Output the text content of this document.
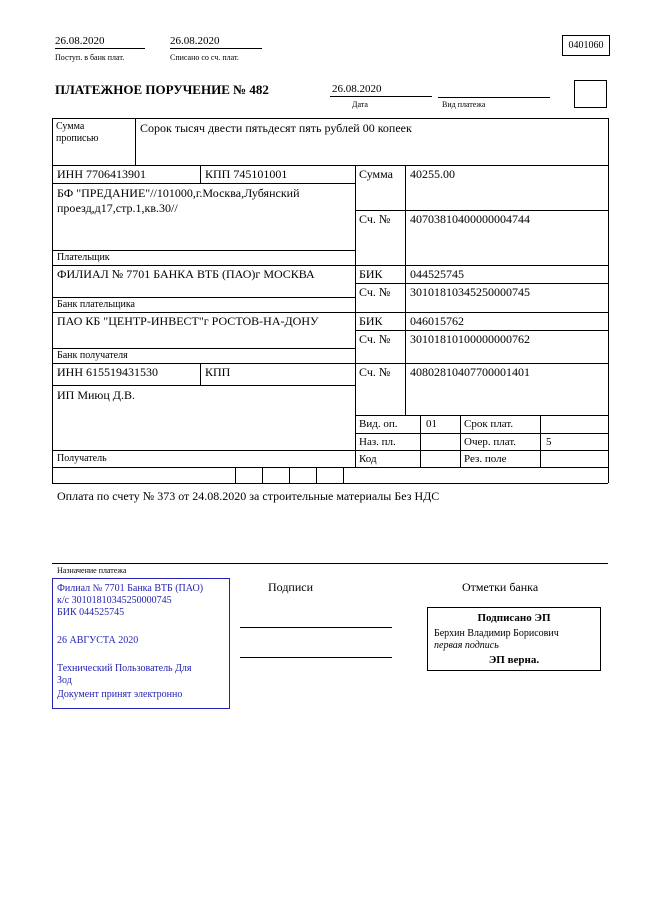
26.08.2020
Поступ. в банк плат.
26.08.2020
Списано со сч. плат.
0401060
ПЛАТЕЖНОЕ ПОРУЧЕНИЕ № 482	26.08.2020
Дата	Вид платежа
Сумма прописью
Сорок тысяч двести пятьдесят пять рублей 00 копеек
ИНН 7706413901	КПП 745101001	Сумма 40255.00
БФ "ПРЕДАНИЕ"//101000,г.Москва,Лубянский проезд,д17,стр.1,кв.30//
Сч. № 40703810400000004744
Плательщик
ФИЛИАЛ № 7701 БАНКА ВТБ (ПАО)г МОСКВА	БИК 044525745
Сч. № 30101810345250000745
Банк плательщика
ПАО КБ "ЦЕНТР-ИНВЕСТ"г РОСТОВ-НА-ДОНУ	БИК 046015762
Сч. № 30101810100000000762
Банк получателя
ИНН 615519431530	КПП	Сч. № 40802810407700001401
ИП Миюц Д.В.
Получатель
Вид. оп.	01 Срок плат.
Наз. пл.	Очер. плат.	5
Код	Рез. поле
Оплата по счету № 373 от 24.08.2020 за строительные материалы Без НДС
Назначение платежа
Подписи	Отметки банка
Филиал № 7701 Банка ВТБ (ПАО)
к/с 30101810345250000745
БИК 044525745
26 АВГУСТА 2020
Технический Пользователь Для Зод
Документ принят электронно
Подписано ЭП
Берхин Владимир Борисович
первая подпись
ЭП верна.
